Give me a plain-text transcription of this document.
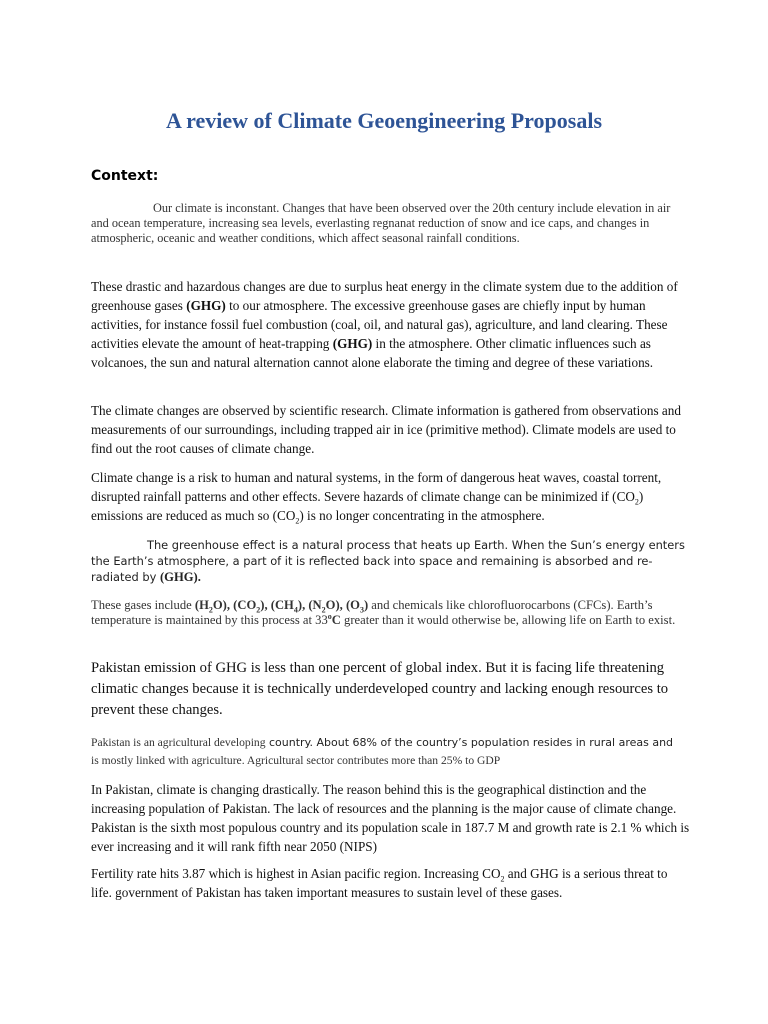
A review of Climate Geoengineering Proposals
Context:

Our climate is inconstant. Changes that have been observed over the 20th century include elevation in air and ocean temperature, increasing sea levels, everlasting regnanat reduction of snow and ice caps, and changes in atmospheric, oceanic and weather conditions, which affect seasonal rainfall conditions.

These drastic and hazardous changes are due to surplus heat energy in the climate system due to the addition of greenhouse gases (GHG) to our atmosphere. The excessive greenhouse gases are chiefly input by human activities, for instance fossil fuel combustion (coal, oil, and natural gas), agriculture, and land clearing. These activities elevate the amount of heat-trapping (GHG) in the atmosphere. Other climatic influences such as volcanoes, the sun and natural alternation cannot alone elaborate the timing and degree of these variations.

The climate changes are observed by scientific research. Climate information is gathered from observations and measurements of our surroundings, including trapped air in ice (primitive method). Climate models are used to find out the root causes of climate change.

Climate change is a risk to human and natural systems, in the form of dangerous heat waves, coastal torrent, disrupted rainfall patterns and other effects. Severe hazards of climate change can be minimized if $(CO_2)$ emissions are reduced as much so $(CO_2)$ is no longer concentrating in the atmosphere.

The greenhouse effect is a natural process that heats up Earth. When the Sun’s energy enters the Earth’s atmosphere, a part of it is reflected back into space and remaining is absorbed and re-radiated by (GHG).

These gases include $(H_2O)$, $(CO_2)$, $(CH_4)$, $(N_2O)$, $(O_3)$ and chemicals like chlorofluorocarbons (CFCs). Earth’s temperature is maintained by this process at 33$^o$C greater than it would otherwise be, allowing life on Earth to exist.

Pakistan emission of GHG is less than one percent of global index. But it is facing life threatening climatic changes because it is technically underdeveloped country and lacking enough resources to prevent these changes.

Pakistan is an agricultural developing country. About 68% of the country’s population resides in rural areas and
is mostly linked with agriculture. Agricultural sector contributes more than 25% to GDP

In Pakistan, climate is changing drastically. The reason behind this is the geographical distinction and the increasing population of Pakistan. The lack of resources and the planning is the major cause of climate change. Pakistan is the sixth most populous country and its population scale in 187.7 M and growth rate is 2.1 % which is ever increasing and it will rank fifth near 2050 (NIPS)

Fertility rate hits 3.87 which is highest in Asian pacific region. Increasing $CO_2$ and GHG is a serious threat to life. government of Pakistan has taken important measures to sustain level of these gases.
